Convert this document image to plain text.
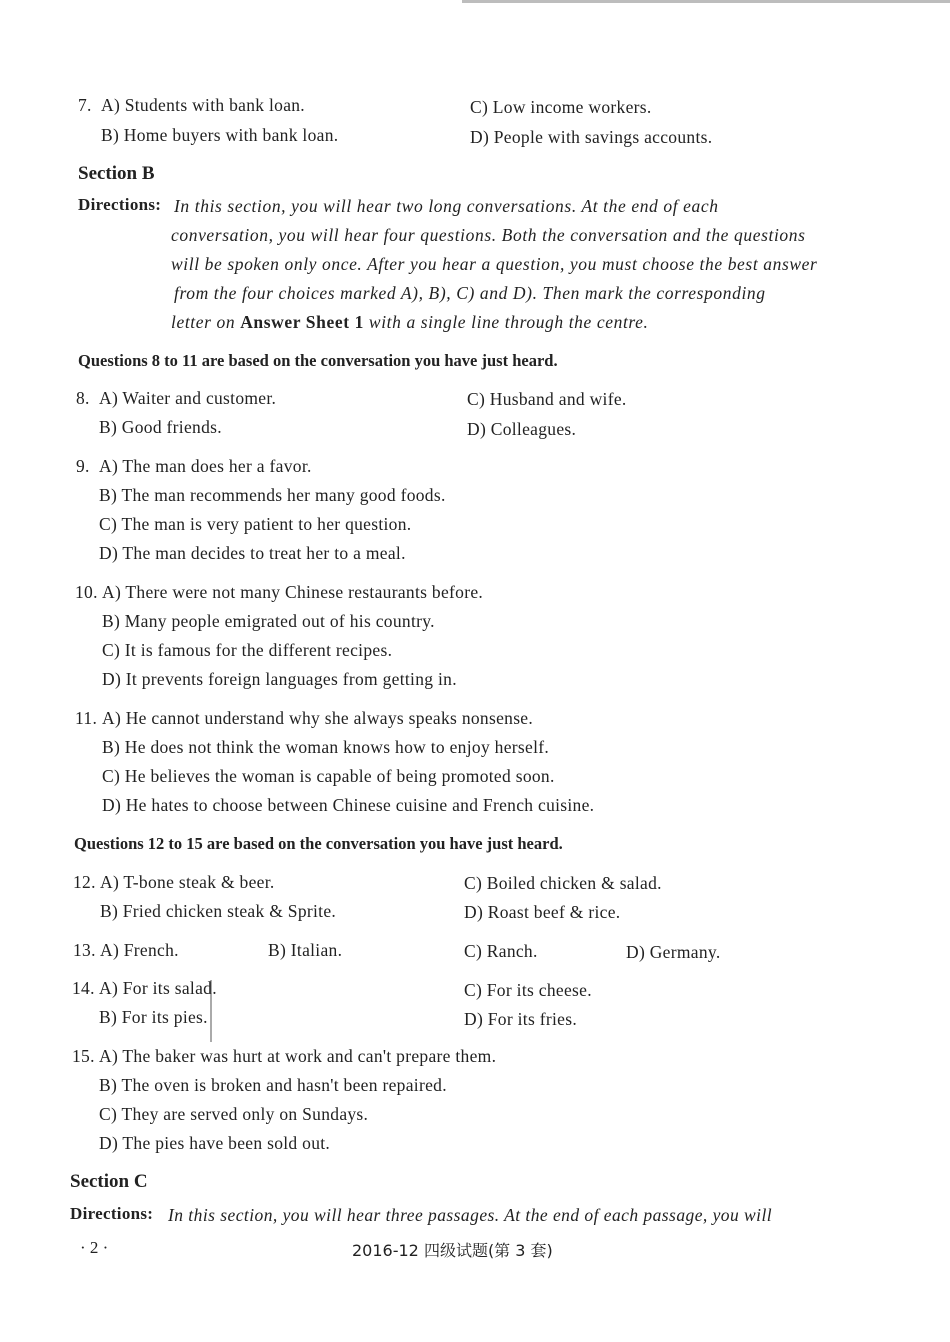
7. A) Students with bank loan.
B) Home buyers with bank loan.
C) Low income workers.
D) People with savings accounts.
Section B
Directions: In this section, you will hear two long conversations. At the end of each
conversation, you will hear four questions. Both the conversation and the questions
will be spoken only once. After you hear a question, you must choose the best answer
from the four choices marked A), B), C) and D). Then mark the corresponding
letter on Answer Sheet 1 with a single line through the centre.
Questions 8 to 11 are based on the conversation you have just heard.
8. A) Waiter and customer.
B) Good friends.
C) Husband and wife.
D) Colleagues.
9. A) The man does her a favor.
B) The man recommends her many good foods.
C) The man is very patient to her question.
D) The man decides to treat her to a meal.
10. A) There were not many Chinese restaurants before.
B) Many people emigrated out of his country.
C) It is famous for the different recipes.
D) It prevents foreign languages from getting in.
11. A) He cannot understand why she always speaks nonsense.
B) He does not think the woman knows how to enjoy herself.
C) He believes the woman is capable of being promoted soon.
D) He hates to choose between Chinese cuisine and French cuisine.
Questions 12 to 15 are based on the conversation you have just heard.
12. A) T-bone steak & beer.
B) Fried chicken steak & Sprite.
C) Boiled chicken & salad.
D) Roast beef & rice.
13. A) French.	B) Italian.	C) Ranch.	D) Germany.
14. A) For its salad.
B) For its pies.
C) For its cheese.
D) For its fries.
15. A) The baker was hurt at work and can't prepare them.
B) The oven is broken and hasn't been repaired.
C) They are served only on Sundays.
D) The pies have been sold out.
Section C
Directions: In this section, you will hear three passages. At the end of each passage, you will
· 2 ·	2016-12 四级试题(第 3 套)
